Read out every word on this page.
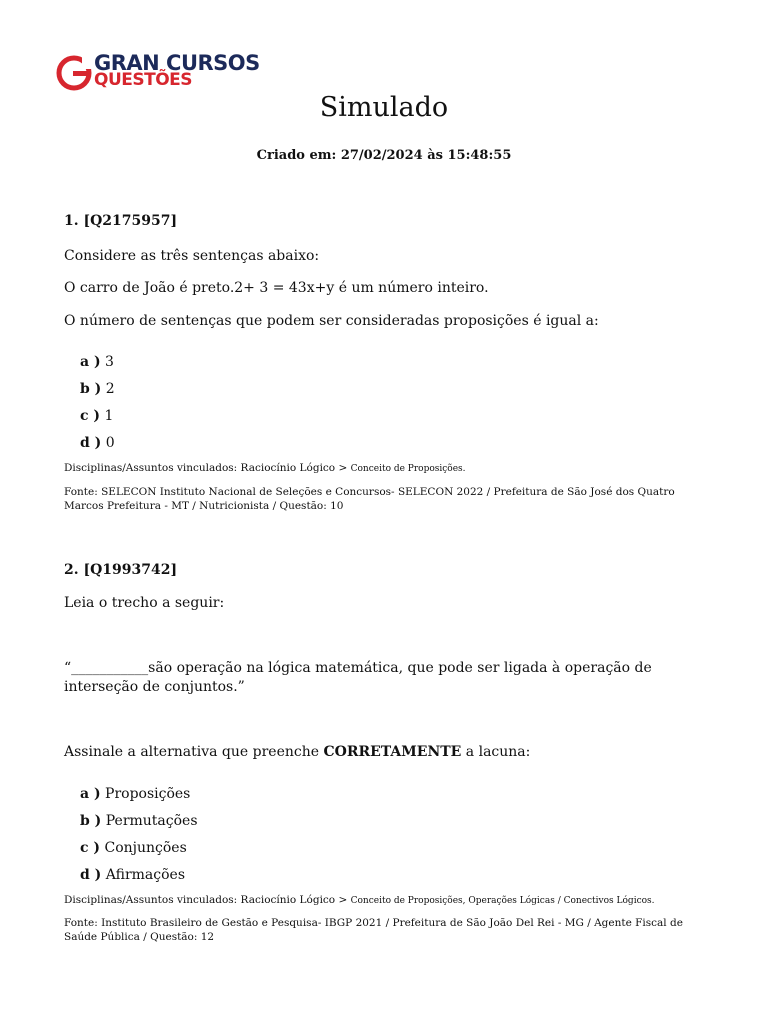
GRAN CURSOS
QUESTÕES
Simulado
Criado em: 27/02/2024 às 15:48:55
1. [Q2175957]
Considere as três sentenças abaixo:
O carro de João é preto.2+ 3 = 43x+y é um número inteiro.
O número de sentenças que podem ser consideradas proposições é igual a:
a ) 3
b ) 2
c ) 1
d ) 0
Disciplinas/Assuntos vinculados: Raciocínio Lógico > Conceito de Proposições.
Fonte: SELECON Instituto Nacional de Seleções e Concursos- SELECON 2022 / Prefeitura de São José dos Quatro Marcos Prefeitura - MT / Nutricionista / Questão: 10
2. [Q1993742]
Leia o trecho a seguir:
“___________são operação na lógica matemática, que pode ser ligada à operação de interseção de conjuntos.”
Assinale a alternativa que preenche CORRETAMENTE a lacuna:
a ) Proposições
b ) Permutações
c ) Conjunções
d ) Afirmações
Disciplinas/Assuntos vinculados: Raciocínio Lógico > Conceito de Proposições, Operações Lógicas / Conectivos Lógicos.
Fonte: Instituto Brasileiro de Gestão e Pesquisa- IBGP 2021 / Prefeitura de São João Del Rei - MG / Agente Fiscal de Saúde Pública / Questão: 12
